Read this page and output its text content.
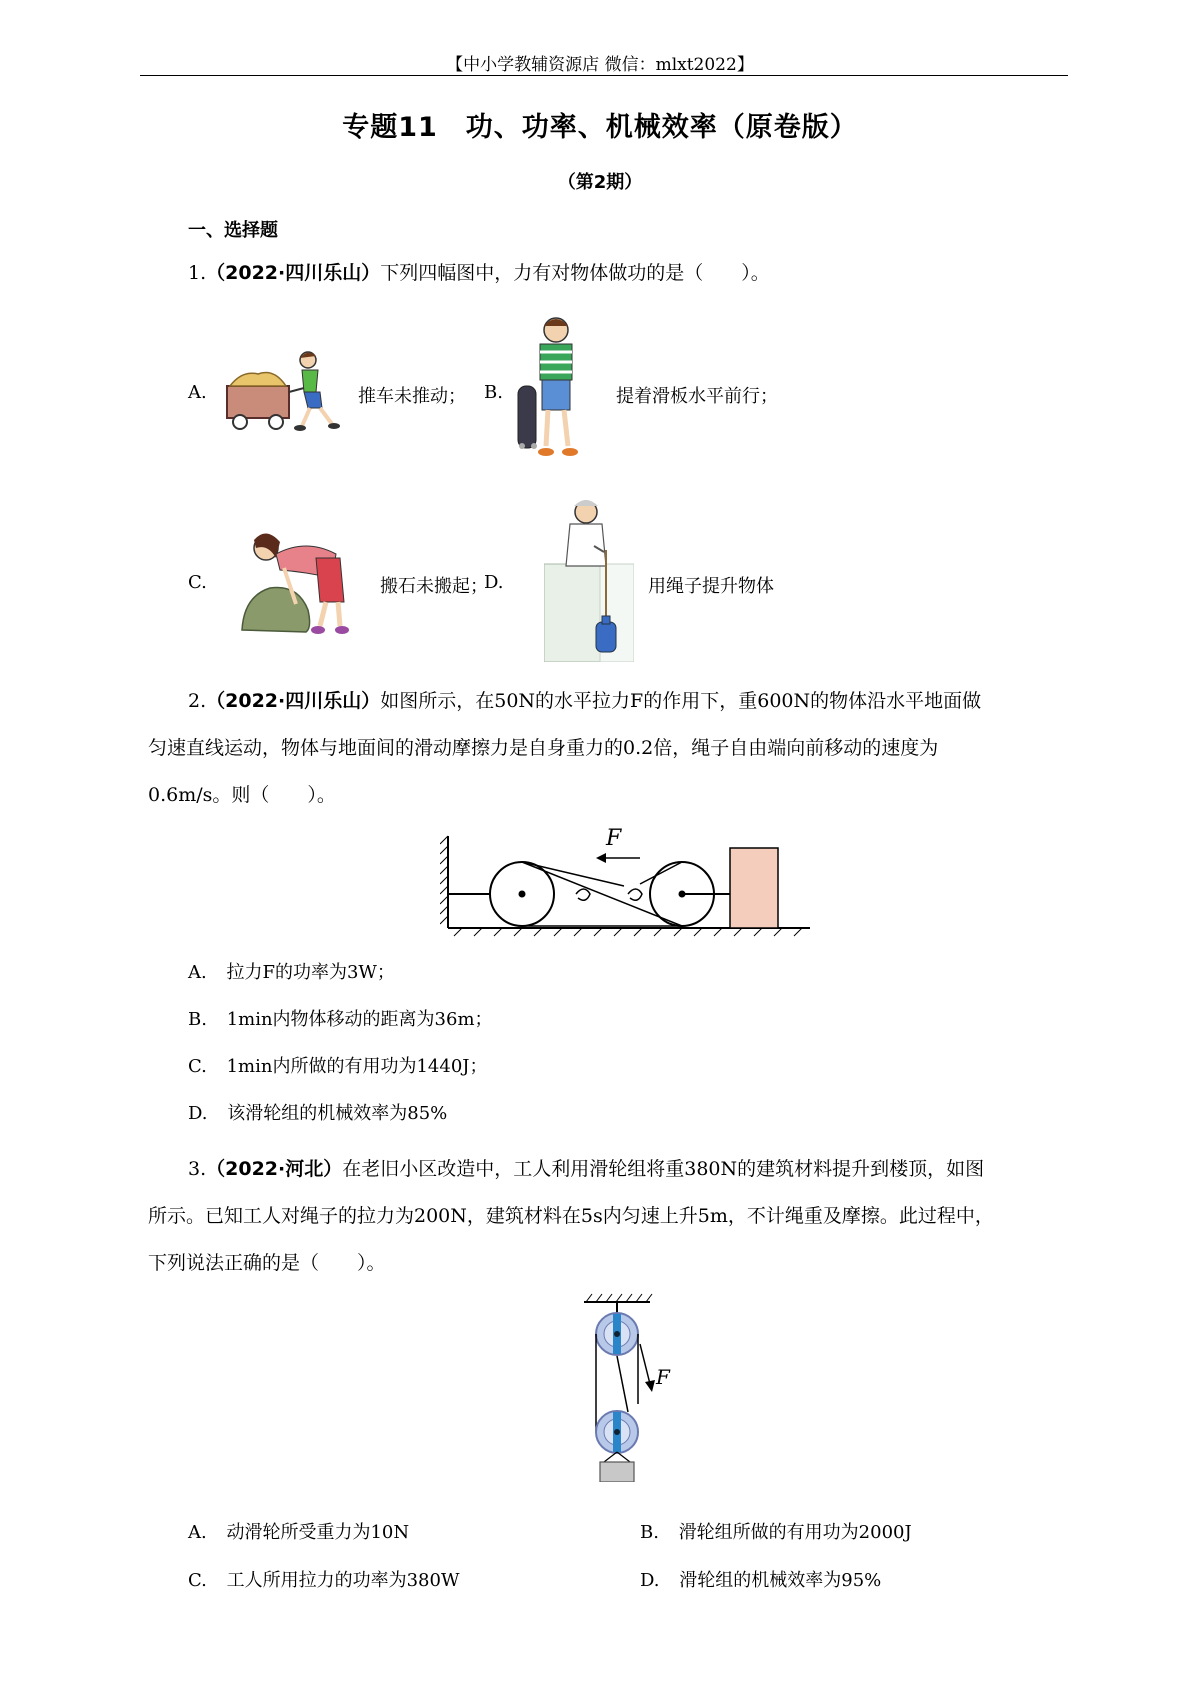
【中小学教辅资源店 微信：mlxt2022】
专题11　功、功率、机械效率（原卷版）
（第2期）
一、选择题
1.（2022·四川乐山）下列四幅图中，力有对物体做功的是（　　）。
A.	推车未推动； B.	提着滑板水平前行；
C.	搬石未搬起；
D.	用绳子提升物体
2.（2022·四川乐山）如图所示，在50N的水平拉力F的作用下，重600N的物体沿水平地面做
匀速直线运动，物体与地面间的滑动摩擦力是自身重力的0.2倍，绳子自由端向前移动的速度为
0.6m/s。则（　　）。
F
A. 拉力F的功率为3W；
B. 1min内物体移动的距离为36m；
C. 1min内所做的有用功为1440J；
D. 该滑轮组的机械效率为85%
3.（2022·河北）在老旧小区改造中，工人利用滑轮组将重380N的建筑材料提升到楼顶，如图
所示。已知工人对绳子的拉力为200N，建筑材料在5s内匀速上升5m，不计绳重及摩擦。此过程中，
下列说法正确的是（　　）。
F
A. 动滑轮所受重力为10N	B. 滑轮组所做的有用功为2000J
C. 工人所用拉力的功率为380W	D. 滑轮组的机械效率为95%
